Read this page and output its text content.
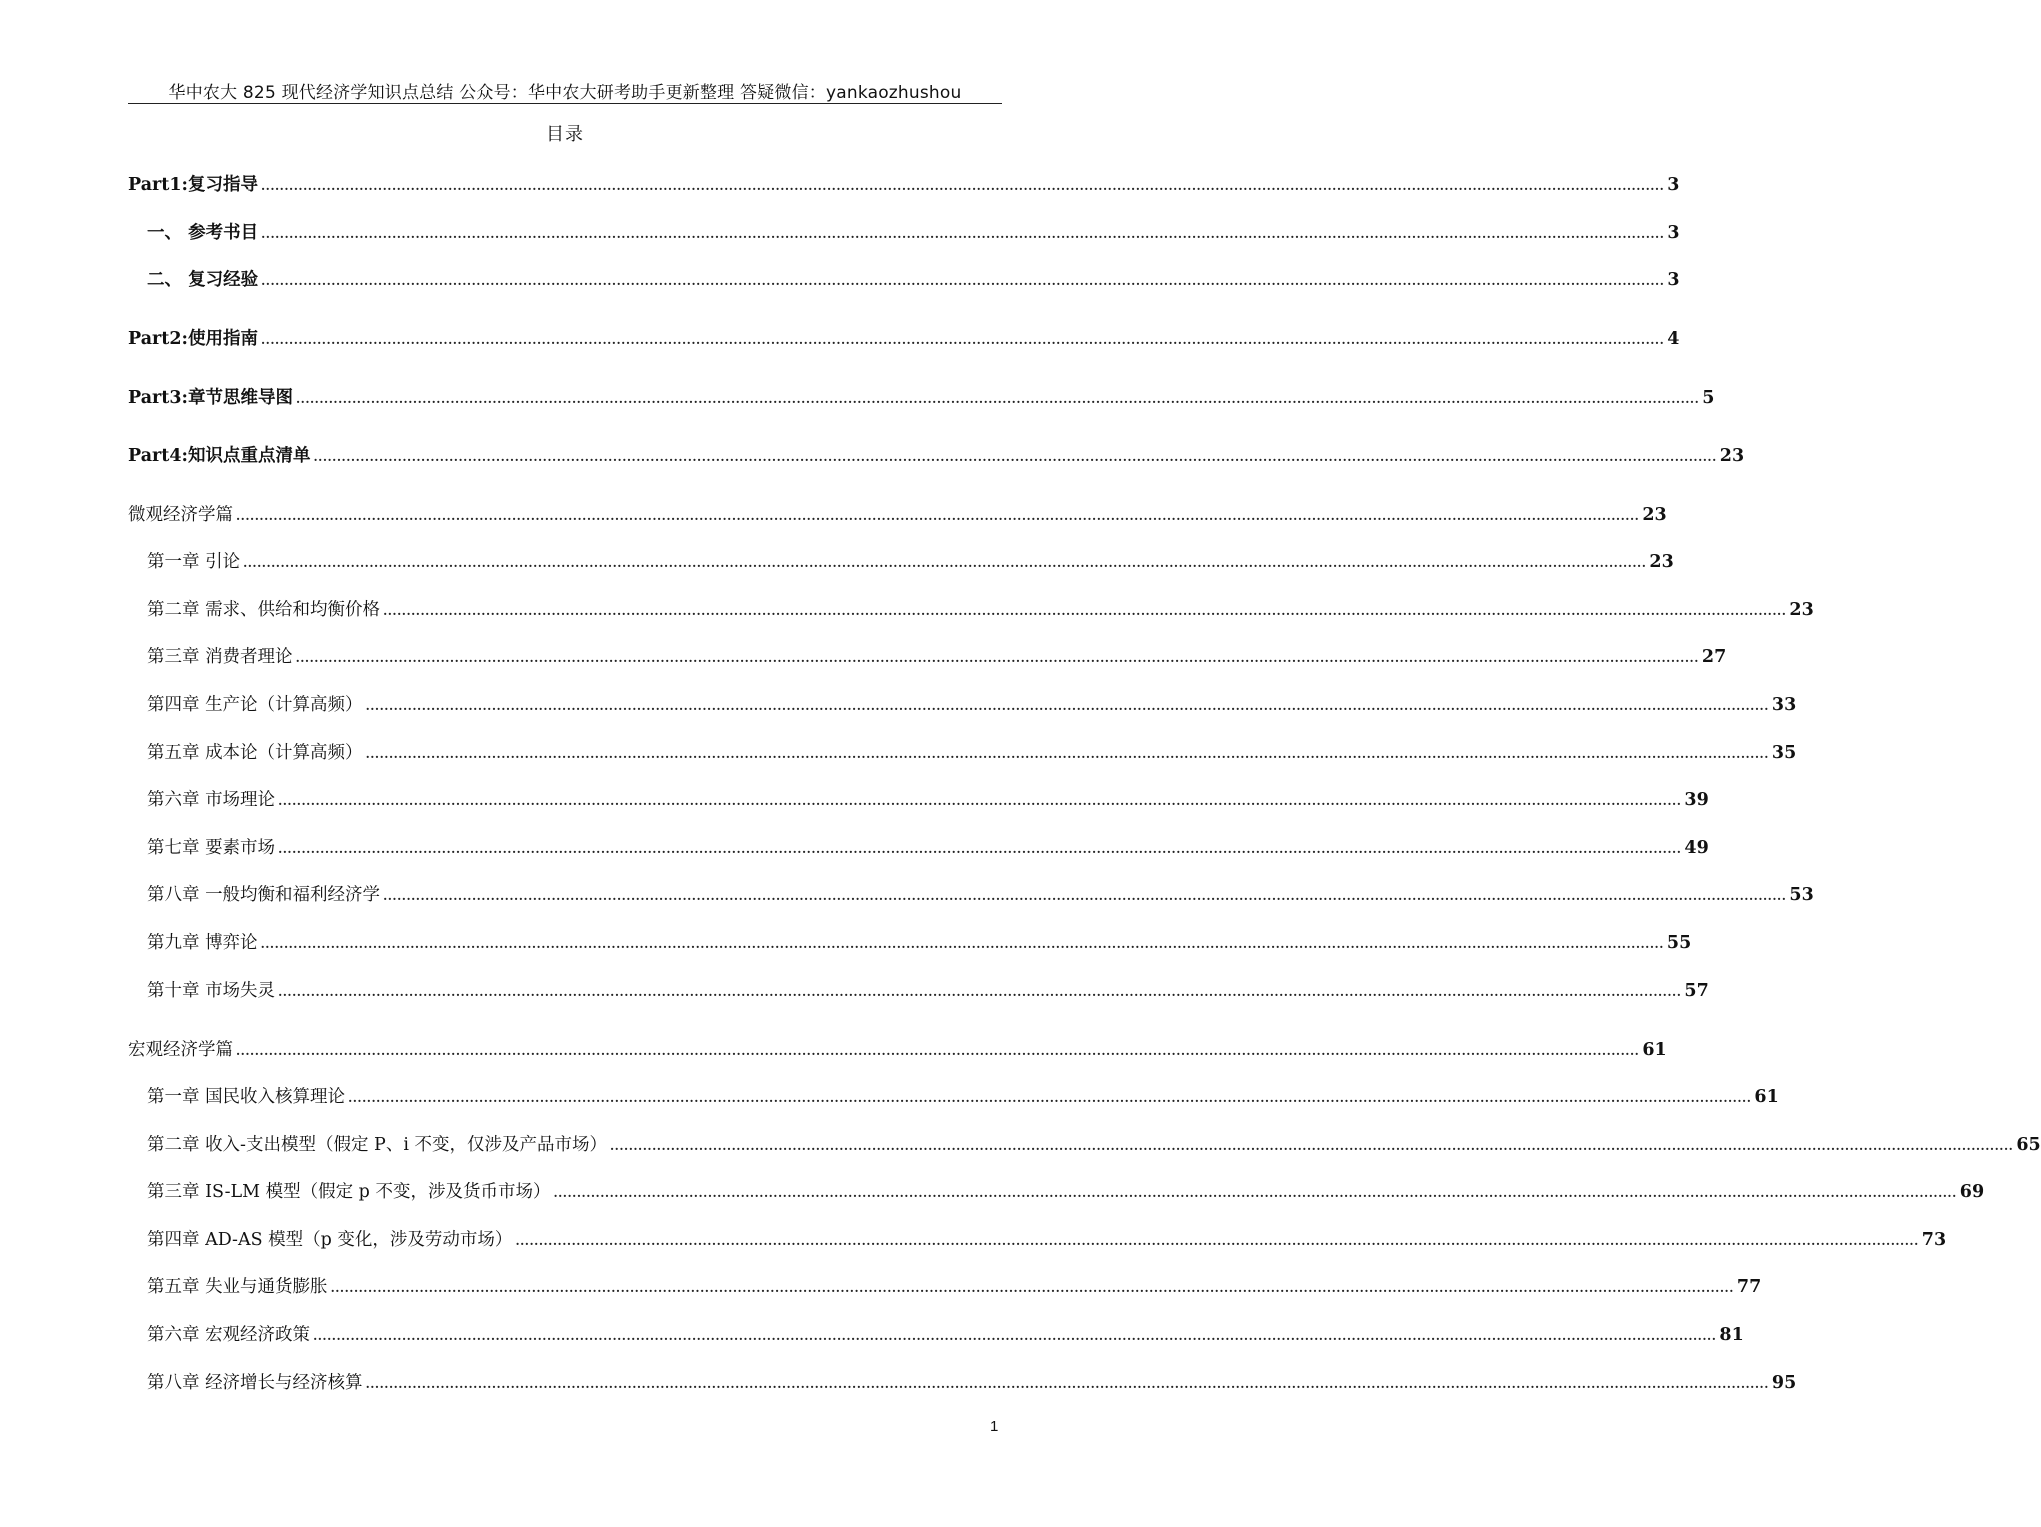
华中农大 825 现代经济学知识点总结 公众号：华中农大研考助手更新整理 答疑微信：yankaozhushou
目录
Part1:复习指导 ............................................................................................................................................................................................................................................................................................................ 3
一、 参考书目 ............................................................................................................................................................................................................................................................................................................ 3
二、 复习经验 ............................................................................................................................................................................................................................................................................................................ 3
Part2:使用指南 ............................................................................................................................................................................................................................................................................................................ 4
Part3:章节思维导图 ............................................................................................................................................................................................................................................................................................................ 5
Part4:知识点重点清单 ............................................................................................................................................................................................................................................................................................................ 23
微观经济学篇 ............................................................................................................................................................................................................................................................................................................ 23
第一章 引论 ............................................................................................................................................................................................................................................................................................................ 23
第二章 需求、供给和均衡价格 ............................................................................................................................................................................................................................................................................................................ 23
第三章 消费者理论 ............................................................................................................................................................................................................................................................................................................ 27
第四章 生产论（计算高频） ............................................................................................................................................................................................................................................................................................................ 33
第五章 成本论（计算高频） ............................................................................................................................................................................................................................................................................................................ 35
第六章 市场理论 ............................................................................................................................................................................................................................................................................................................ 39
第七章 要素市场 ............................................................................................................................................................................................................................................................................................................ 49
第八章 一般均衡和福利经济学 ............................................................................................................................................................................................................................................................................................................ 53
第九章 博弈论 ............................................................................................................................................................................................................................................................................................................ 55
第十章 市场失灵 ............................................................................................................................................................................................................................................................................................................ 57
宏观经济学篇 ............................................................................................................................................................................................................................................................................................................ 61
第一章 国民收入核算理论 ............................................................................................................................................................................................................................................................................................................ 61
第二章 收入-支出模型（假定 P、i 不变，仅涉及产品市场） ............................................................................................................................................................................................................................................................................................................ 65
第三章 IS-LM 模型（假定 p 不变，涉及货币市场） ............................................................................................................................................................................................................................................................................................................ 69
第四章 AD-AS 模型（p 变化，涉及劳动市场） ............................................................................................................................................................................................................................................................................................................ 73
第五章 失业与通货膨胀 ............................................................................................................................................................................................................................................................................................................ 77
第六章 宏观经济政策 ............................................................................................................................................................................................................................................................................................................ 81
第八章 经济增长与经济核算 ............................................................................................................................................................................................................................................................................................................ 95
1
